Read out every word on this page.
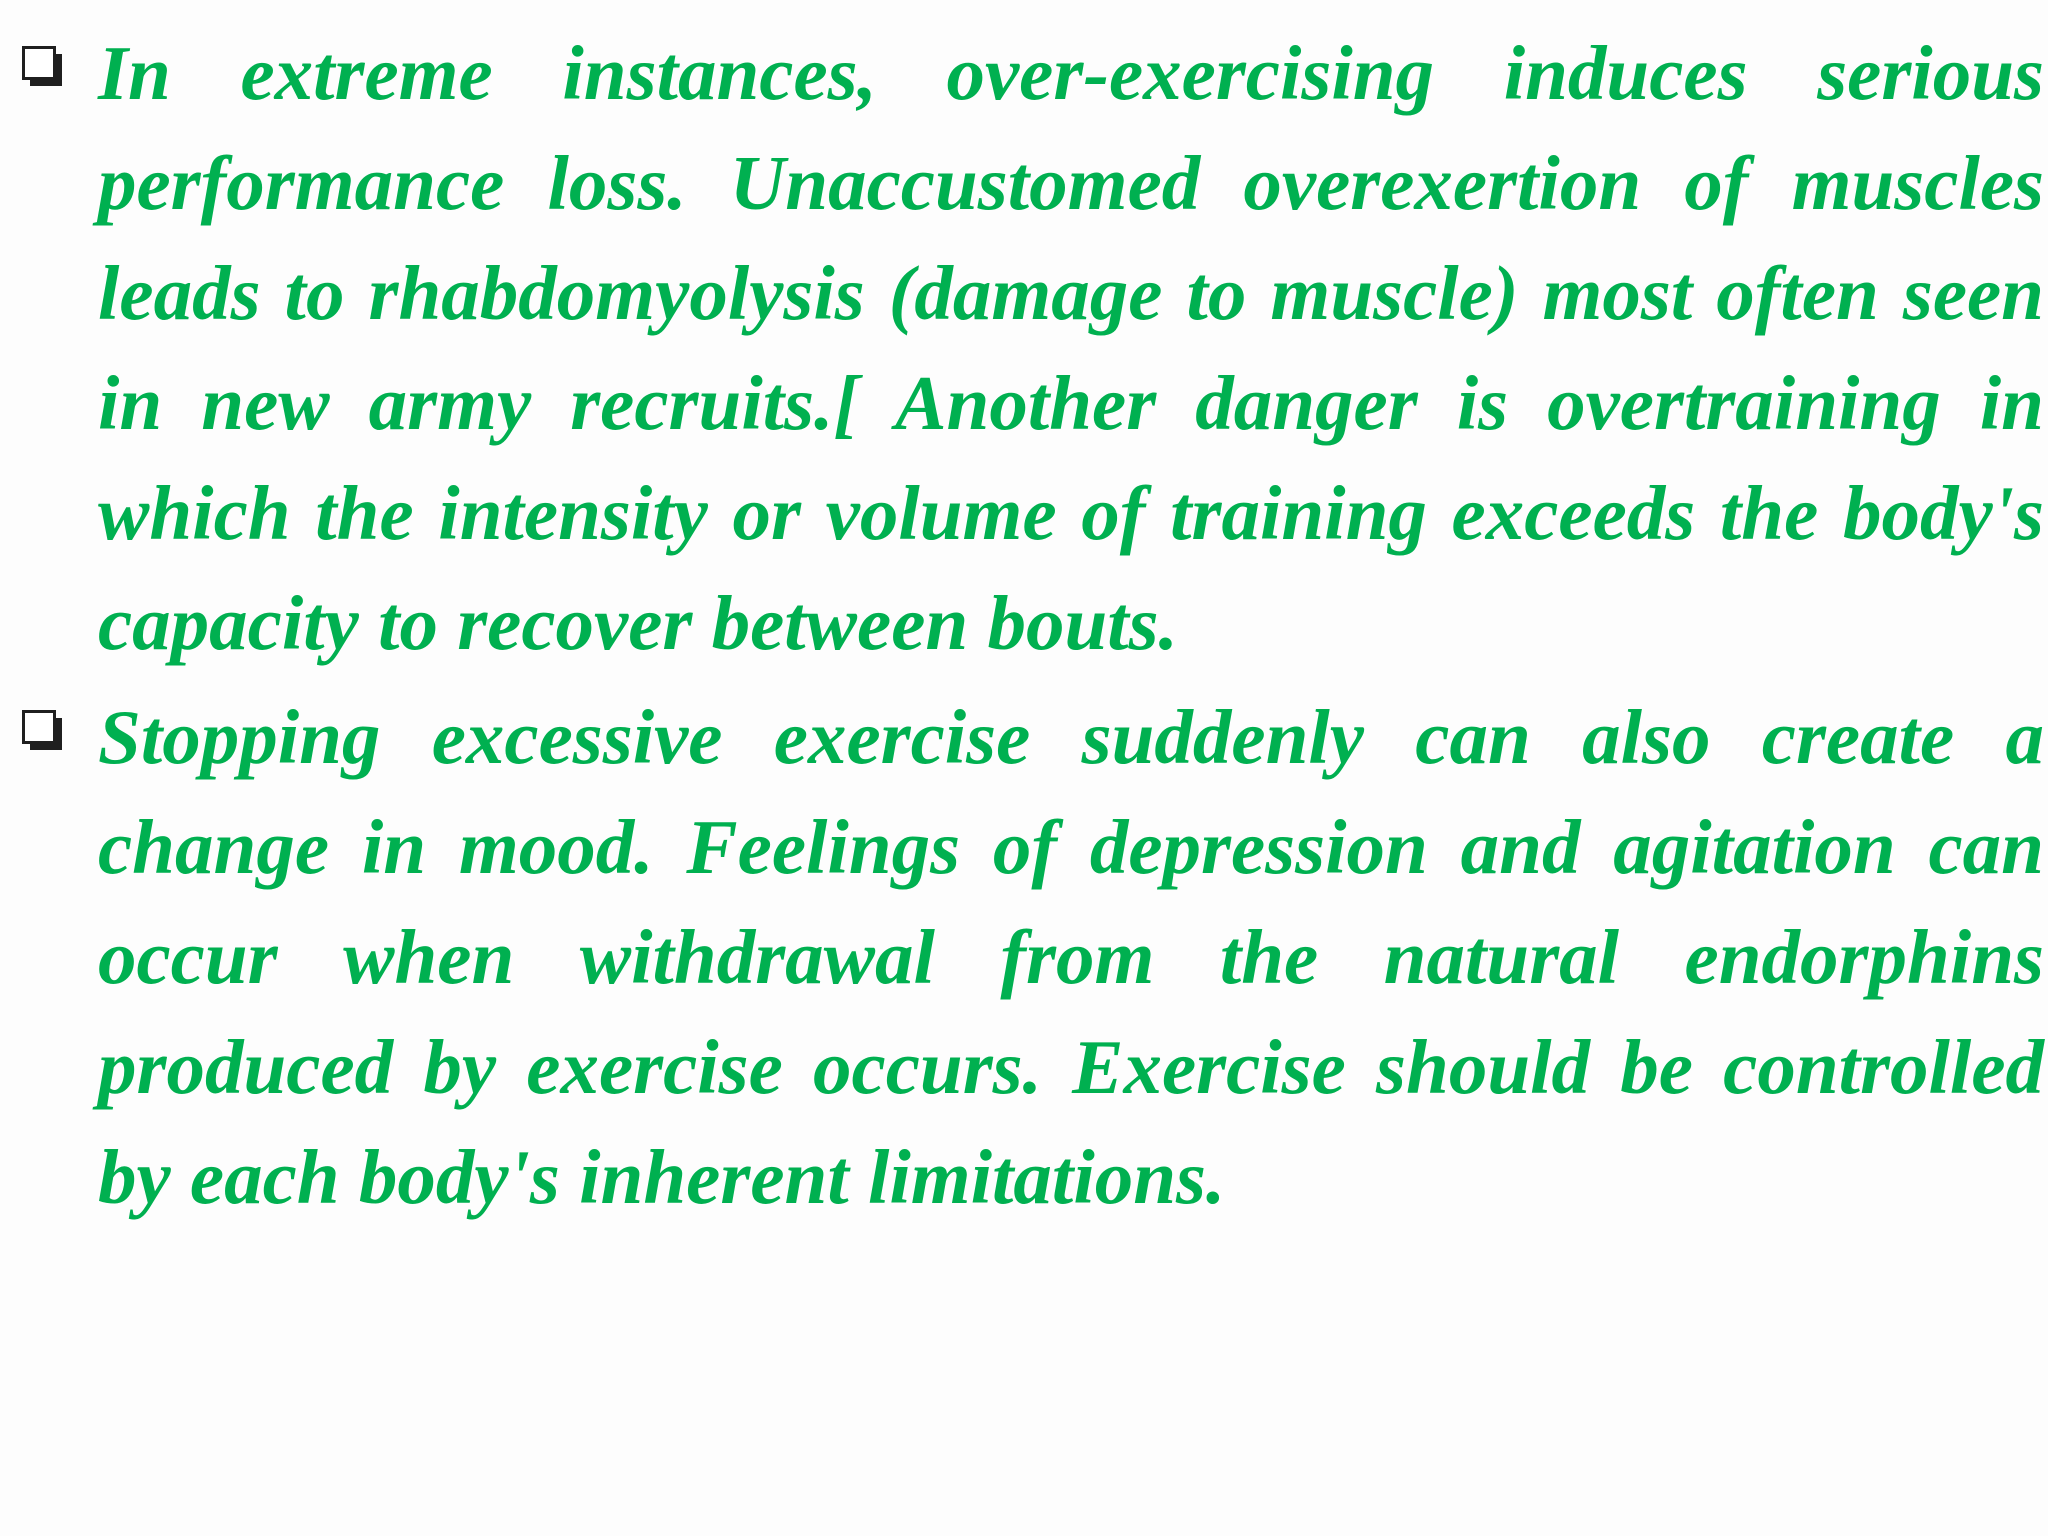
In extreme instances, over-exercising induces serious performance loss. Unaccustomed overexertion of muscles leads to rhabdomyolysis (damage to muscle) most often seen in new army recruits.[ Another danger is overtraining in which the intensity or volume of training exceeds the body's capacity to recover between bouts.

Stopping excessive exercise suddenly can also create a change in mood. Feelings of depression and agitation can occur when withdrawal from the natural endorphins produced by exercise occurs. Exercise should be controlled by each body's inherent limitations.
